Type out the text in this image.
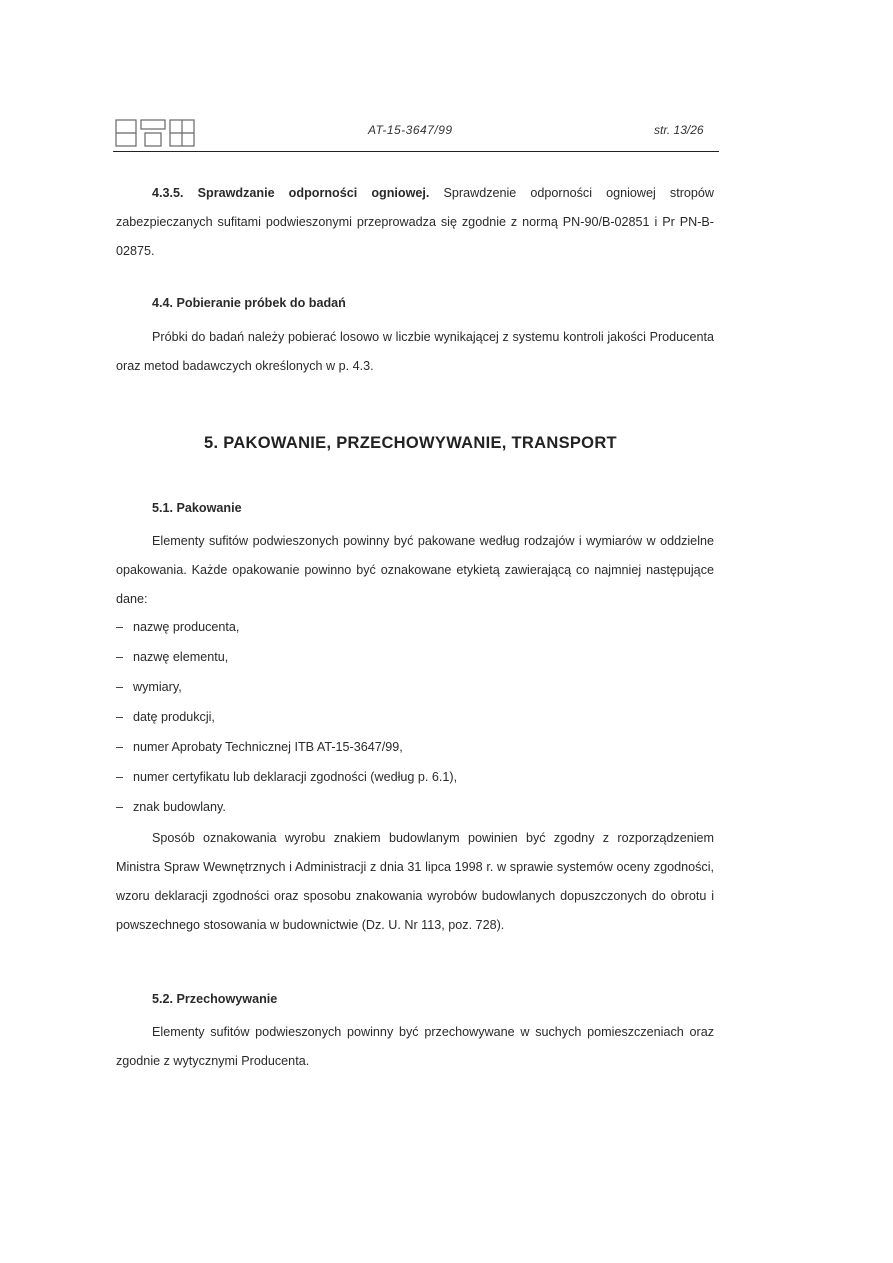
AT-15-3647/99	str. 13/26
4.3.5. Sprawdzanie odporności ogniowej. Sprawdzenie odporności ogniowej stropów zabezpieczanych sufitami podwieszonymi przeprowadza się zgodnie z normą PN-90/B-02851 i Pr PN-B-02875.
4.4. Pobieranie próbek do badań
Próbki do badań należy pobierać losowo w liczbie wynikającej z systemu kontroli jakości Producenta oraz metod badawczych określonych w p. 4.3.
5. PAKOWANIE, PRZECHOWYWANIE, TRANSPORT
5.1. Pakowanie
Elementy sufitów podwieszonych powinny być pakowane według rodzajów i wymiarów w oddzielne opakowania. Każde opakowanie powinno być oznakowane etykietą zawierającą co najmniej następujące dane:
– nazwę producenta,
– nazwę elementu,
– wymiary,
– datę produkcji,
– numer Aprobaty Technicznej ITB AT-15-3647/99,
– numer certyfikatu lub deklaracji zgodności (według p. 6.1),
– znak budowlany.
Sposób oznakowania wyrobu znakiem budowlanym powinien być zgodny z rozporządzeniem Ministra Spraw Wewnętrznych i Administracji z dnia 31 lipca 1998 r. w sprawie systemów oceny zgodności, wzoru deklaracji zgodności oraz sposobu znakowania wyrobów budowlanych dopuszczonych do obrotu i powszechnego stosowania w budownictwie (Dz. U. Nr 113, poz. 728).
5.2. Przechowywanie
Elementy sufitów podwieszonych powinny być przechowywane w suchych pomieszczeniach oraz zgodnie z wytycznymi Producenta.
